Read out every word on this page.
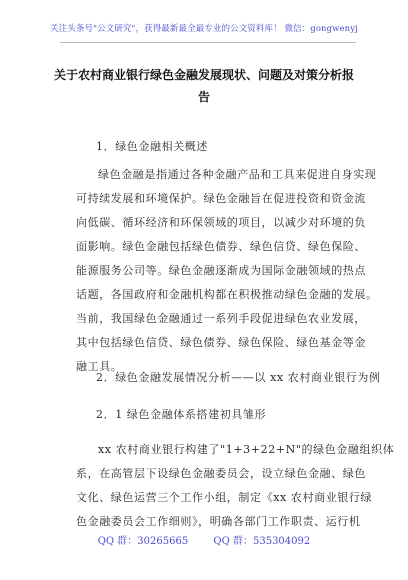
关注头条号"公文研究"，获得最新最全最专业的公文资料库！ 微信：gongwenyj
关于农村商业银行绿色金融发展现状、问题及对策分析报
告
1．绿色金融相关概述
绿色金融是指通过各种金融产品和工具来促进自身实现
可持续发展和环境保护。绿色金融旨在促进投资和资金流
向低碳、循环经济和环保领域的项目，以减少对环境的负
面影响。绿色金融包括绿色债券、绿色信贷、绿色保险、
能源服务公司等。绿色金融逐渐成为国际金融领域的热点
话题，各国政府和金融机构都在积极推动绿色金融的发展。
当前，我国绿色金融通过一系列手段促进绿色农业发展，
其中包括绿色信贷、绿色债券、绿色保险、绿色基金等金
融工具。
2．绿色金融发展情况分析——以 xx 农村商业银行为例
2．1 绿色金融体系搭建初具雏形
xx 农村商业银行构建了"1+3+22+N"的绿色金融组织体
系，在高管层下设绿色金融委员会，设立绿色金融、绿色
文化、绿色运营三个工作小组，制定《xx 农村商业银行绿
色金融委员会工作细则》，明确各部门工作职责、运行机
QQ 群：30265665	QQ 群：535304092
